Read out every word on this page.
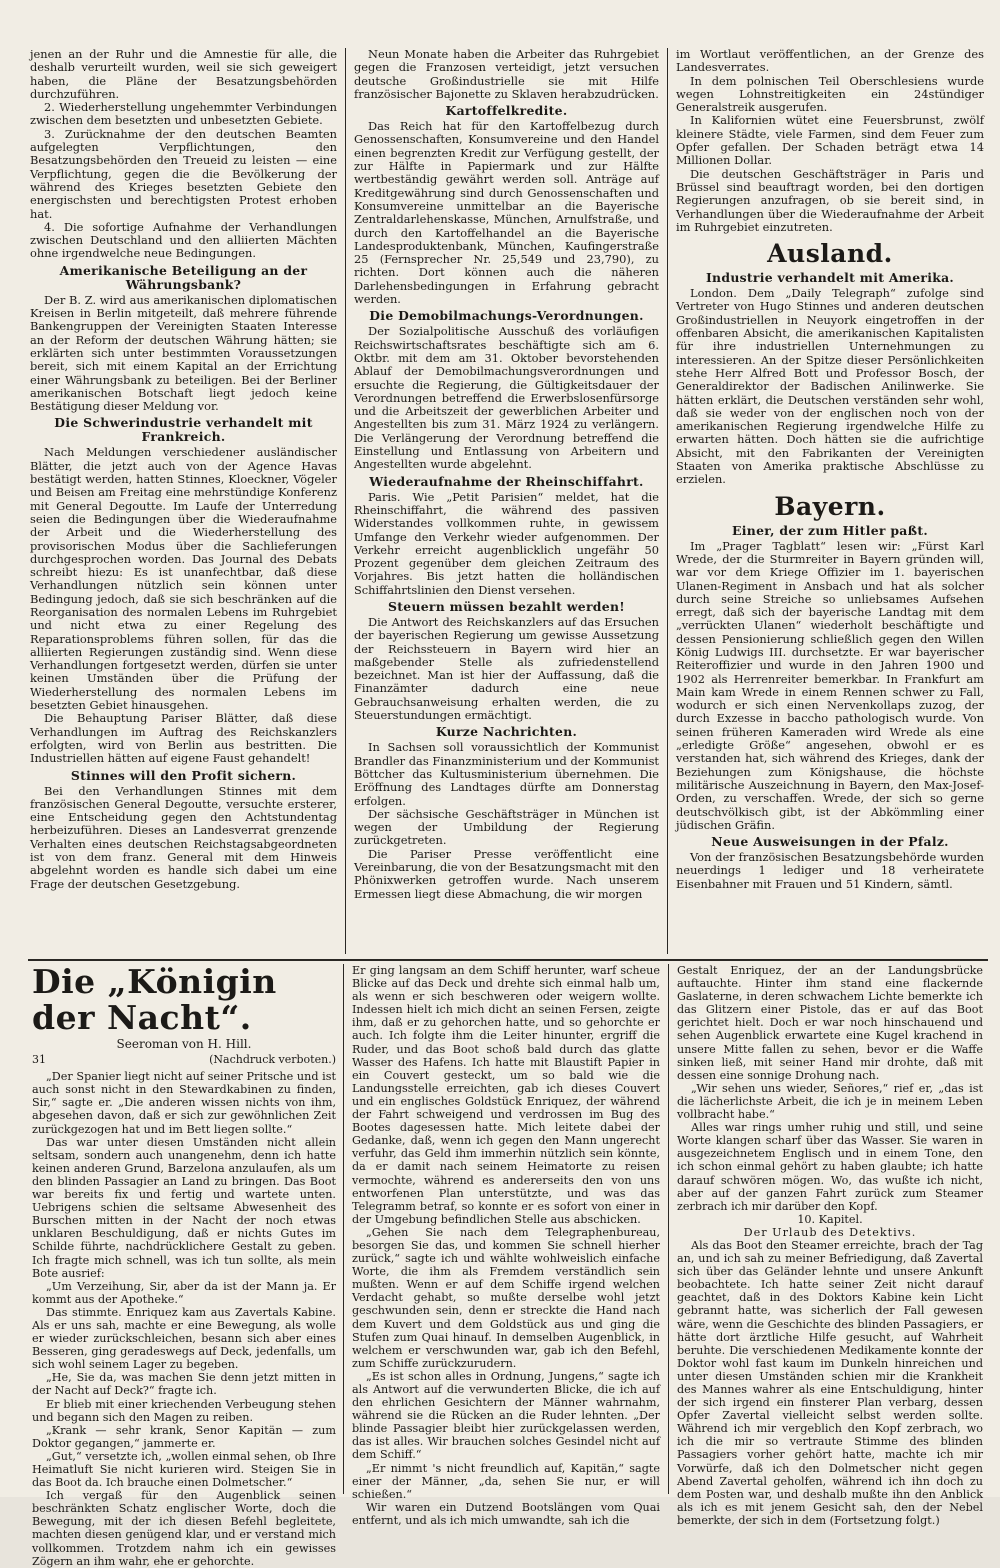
jenen an der Ruhr und die Amnestie für alle, die deshalb verurteilt wurden, weil sie sich geweigert haben, die Pläne der Besatzungsbehörden durchzuführen.

2. Wiederherstellung ungehemmter Verbindungen zwischen dem besetzten und unbesetzten Gebiete.

3. Zurücknahme der den deutschen Beamten aufgelegten Verpflichtungen, den Besatzungsbehörden den Treueid zu leisten — eine Verpflichtung, gegen die die Bevölkerung der während des Krieges besetzten Gebiete den energischsten und berechtigsten Protest erhoben hat.

4. Die sofortige Aufnahme der Verhandlungen zwischen Deutschland und den alliierten Mächten ohne irgendwelche neue Bedingungen.

Amerikanische Beteiligung an der Währungsbank?

Der B. Z. wird aus amerikanischen diplomatischen Kreisen in Berlin mitgeteilt, daß mehrere führende Bankengruppen der Vereinigten Staaten Interesse an der Reform der deutschen Währung hätten; sie erklärten sich unter bestimmten Voraussetzungen bereit, sich mit einem Kapital an der Errichtung einer Währungsbank zu beteiligen. Bei der Berliner amerikanischen Botschaft liegt jedoch keine Bestätigung dieser Meldung vor.

Die Schwerindustrie verhandelt mit Frankreich.

Nach Meldungen verschiedener ausländischer Blätter, die jetzt auch von der Agence Havas bestätigt werden, hatten Stinnes, Kloeckner, Vögeler und Beisen am Freitag eine mehrstündige Konferenz mit General Degoutte. Im Laufe der Unterredung seien die Bedingungen über die Wiederaufnahme der Arbeit und die Wiederherstellung des provisorischen Modus über die Sachlieferungen durchgesprochen worden. Das Journal des Debats schreibt hiezu: Es ist unanfechtbar, daß diese Verhandlungen nützlich sein können unter Bedingung jedoch, daß sie sich beschränken auf die Reorganisation des normalen Lebens im Ruhrgebiet und nicht etwa zu einer Regelung des Reparationsproblems führen sollen, für das die alliierten Regierungen zuständig sind. Wenn diese Verhandlungen fortgesetzt werden, dürfen sie unter keinen Umständen über die Prüfung der Wiederherstellung des normalen Lebens im besetzten Gebiet hinausgehen.

Die Behauptung Pariser Blätter, daß diese Verhandlungen im Auftrag des Reichskanzlers erfolgten, wird von Berlin aus bestritten. Die Industriellen hätten auf eigene Faust gehandelt!

Stinnes will den Profit sichern.

Bei den Verhandlungen Stinnes mit dem französischen General Degoutte, versuchte ersterer, eine Entscheidung gegen den Achtstundentag herbeizuführen. Dieses an Landesverrat grenzende Verhalten eines deutschen Reichstagsabgeordneten ist von dem franz. General mit dem Hinweis abgelehnt worden es handle sich dabei um eine Frage der deutschen Gesetzgebung.

Neun Monate haben die Arbeiter das Ruhrgebiet gegen die Franzosen verteidigt, jetzt versuchen deutsche Großindustrielle sie mit Hilfe französischer Bajonette zu Sklaven herabzudrücken.

Kartoffelkredite.

Das Reich hat für den Kartoffelbezug durch Genossenschaften, Konsumvereine und den Handel einen begrenzten Kredit zur Verfügung gestellt, der zur Hälfte in Papiermark und zur Hälfte wertbeständig gewährt werden soll. Anträge auf Kreditgewährung sind durch Genossenschaften und Konsumvereine unmittelbar an die Bayerische Zentraldarlehenskasse, München, Arnulfstraße, und durch den Kartoffelhandel an die Bayerische Landesproduktenbank, München, Kaufingerstraße 25 (Fernsprecher Nr. 25,549 und 23,790), zu richten. Dort können auch die näheren Darlehensbedingungen in Erfahrung gebracht werden.

Die Demobilmachungs-Verordnungen.

Der Sozialpolitische Ausschuß des vorläufigen Reichswirtschaftsrates beschäftigte sich am 6. Oktbr. mit dem am 31. Oktober bevorstehenden Ablauf der Demobilmachungsverordnungen und ersuchte die Regierung, die Gültigkeitsdauer der Verordnungen betreffend die Erwerbslosenfürsorge und die Arbeitszeit der gewerblichen Arbeiter und Angestellten bis zum 31. März 1924 zu verlängern. Die Verlängerung der Verordnung betreffend die Einstellung und Entlassung von Arbeitern und Angestellten wurde abgelehnt.

Wiederaufnahme der Rheinschiffahrt.

Paris. Wie „Petit Parisien“ meldet, hat die Rheinschiffahrt, die während des passiven Widerstandes vollkommen ruhte, in gewissem Umfange den Verkehr wieder aufgenommen. Der Verkehr erreicht augenblicklich ungefähr 50 Prozent gegenüber dem gleichen Zeitraum des Vorjahres. Bis jetzt hatten die holländischen Schiffahrtslinien den Dienst versehen.

Steuern müssen bezahlt werden!

Die Antwort des Reichskanzlers auf das Ersuchen der bayerischen Regierung um gewisse Aussetzung der Reichssteuern in Bayern wird hier an maßgebender Stelle als zufriedenstellend bezeichnet. Man ist hier der Auffassung, daß die Finanzämter dadurch eine neue Gebrauchsanweisung erhalten werden, die zu Steuerstundungen ermächtigt.

Kurze Nachrichten.

In Sachsen soll voraussichtlich der Kommunist Brandler das Finanzministerium und der Kommunist Böttcher das Kultusministerium übernehmen. Die Eröffnung des Landtages dürfte am Donnerstag erfolgen.

Der sächsische Geschäftsträger in München ist wegen der Umbildung der Regierung zurückgetreten.

Die Pariser Presse veröffentlicht eine Vereinbarung, die von der Besatzungsmacht mit den Phönixwerken getroffen wurde. Nach unserem Ermessen liegt diese Abmachung, die wir morgen

im Wortlaut veröffentlichen, an der Grenze des Landesverrates.

In dem polnischen Teil Oberschlesiens wurde wegen Lohnstreitigkeiten ein 24stündiger Generalstreik ausgerufen.

In Kalifornien wütet eine Feuersbrunst, zwölf kleinere Städte, viele Farmen, sind dem Feuer zum Opfer gefallen. Der Schaden beträgt etwa 14 Millionen Dollar.

Die deutschen Geschäftsträger in Paris und Brüssel sind beauftragt worden, bei den dortigen Regierungen anzufragen, ob sie bereit sind, in Verhandlungen über die Wiederaufnahme der Arbeit im Ruhrgebiet einzutreten.

Ausland.
Industrie verhandelt mit Amerika.

London. Dem „Daily Telegraph“ zufolge sind Vertreter von Hugo Stinnes und anderen deutschen Großindustriellen in Neuyork eingetroffen in der offenbaren Absicht, die amerikanischen Kapitalisten für ihre industriellen Unternehmungen zu interessieren. An der Spitze dieser Persönlichkeiten stehe Herr Alfred Bott und Professor Bosch, der Generaldirektor der Badischen Anilinwerke. Sie hätten erklärt, die Deutschen verständen sehr wohl, daß sie weder von der englischen noch von der amerikanischen Regierung irgendwelche Hilfe zu erwarten hätten. Doch hätten sie die aufrichtige Absicht, mit den Fabrikanten der Vereinigten Staaten von Amerika praktische Abschlüsse zu erzielen.

Bayern.
Einer, der zum Hitler paßt.

Im „Prager Tagblatt“ lesen wir: „Fürst Karl Wrede, der die Sturmreiter in Bayern gründen will, war vor dem Kriege Offizier im 1. bayerischen Ulanen-Regiment in Ansbach und hat als solcher durch seine Streiche so unliebsames Aufsehen erregt, daß sich der bayerische Landtag mit dem „verrückten Ulanen“ wiederholt beschäftigte und dessen Pensionierung schließlich gegen den Willen König Ludwigs III. durchsetzte. Er war bayerischer Reiteroffizier und wurde in den Jahren 1900 und 1902 als Herrenreiter bemerkbar. In Frankfurt am Main kam Wrede in einem Rennen schwer zu Fall, wodurch er sich einen Nervenkollaps zuzog, der durch Exzesse in baccho pathologisch wurde. Von seinen früheren Kameraden wird Wrede als eine „erledigte Größe“ angesehen, obwohl er es verstanden hat, sich während des Krieges, dank der Beziehungen zum Königshause, die höchste militärische Auszeichnung in Bayern, den Max-Josef-Orden, zu verschaffen. Wrede, der sich so gerne deutschvölkisch gibt, ist der Abkömmling einer jüdischen Gräfin.

Neue Ausweisungen in der Pfalz.

Von der französischen Besatzungsbehörde wurden neuerdings 1 lediger und 18 verheiratete Eisenbahner mit Frauen und 51 Kindern, sämtl.

Die „Königin der Nacht“.
Seeroman von H. Hill.
31	(Nachdruck verboten.)

„Der Spanier liegt nicht auf seiner Pritsche und ist auch sonst nicht in den Stewardkabinen zu finden, Sir,“ sagte er. „Die anderen wissen nichts von ihm, abgesehen davon, daß er sich zur gewöhnlichen Zeit zurückgezogen hat und im Bett liegen sollte.“

Das war unter diesen Umständen nicht allein seltsam, sondern auch unangenehm, denn ich hatte keinen anderen Grund, Barzelona anzulaufen, als um den blinden Passagier an Land zu bringen. Das Boot war bereits fix und fertig und wartete unten. Uebrigens schien die seltsame Abwesenheit des Burschen mitten in der Nacht der noch etwas unklaren Beschuldigung, daß er nichts Gutes im Schilde führte, nachdrücklichere Gestalt zu geben. Ich fragte mich schnell, was ich tun sollte, als mein Bote ausrief:

„Um Verzeihung, Sir, aber da ist der Mann ja. Er kommt aus der Apotheke.“

Das stimmte. Enriquez kam aus Zavertals Kabine. Als er uns sah, machte er eine Bewegung, als wolle er wieder zurückschleichen, besann sich aber eines Besseren, ging geradeswegs auf Deck, jedenfalls, um sich wohl seinem Lager zu begeben.

„He, Sie da, was machen Sie denn jetzt mitten in der Nacht auf Deck?“ fragte ich.

Er blieb mit einer kriechenden Verbeugung stehen und begann sich den Magen zu reiben.

„Krank — sehr krank, Senor Kapitän — zum Doktor gegangen,“ jammerte er.

„Gut,“ versetzte ich, „wollen einmal sehen, ob Ihre Heimatluft Sie nicht kurieren wird. Steigen Sie in das Boot da. Ich brauche einen Dolmetscher.“

Ich vergaß für den Augenblick seinen beschränkten Schatz englischer Worte, doch die Bewegung, mit der ich diesen Befehl begleitete, machten diesen genügend klar, und er verstand mich vollkommen. Trotzdem nahm ich ein gewisses Zögern an ihm wahr, ehe er gehorchte.

Er ging langsam an dem Schiff herunter, warf scheue Blicke auf das Deck und drehte sich einmal halb um, als wenn er sich beschweren oder weigern wollte. Indessen hielt ich mich dicht an seinen Fersen, zeigte ihm, daß er zu gehorchen hatte, und so gehorchte er auch. Ich folgte ihm die Leiter hinunter, ergriff die Ruder, und das Boot schoß bald durch das glatte Wasser des Hafens. Ich hatte mit Blaustift Papier in ein Couvert gesteckt, um so bald wie die Landungsstelle erreichten, gab ich dieses Couvert und ein englisches Goldstück Enriquez, der während der Fahrt schweigend und verdrossen im Bug des Bootes dagesessen hatte. Mich leitete dabei der Gedanke, daß, wenn ich gegen den Mann ungerecht verfuhr, das Geld ihm immerhin nützlich sein könnte, da er damit nach seinem Heimatorte zu reisen vermochte, während es andererseits den von uns entworfenen Plan unterstützte, und was das Telegramm betraf, so konnte er es sofort von einer in der Umgebung befindlichen Stelle aus abschicken.

„Gehen Sie nach dem Telegraphenbureau, besorgen Sie das, und kommen Sie schnell hierher zurück,“ sagte ich und wählte wohlweislich einfache Worte, die ihm als Fremdem verständlich sein mußten. Wenn er auf dem Schiffe irgend welchen Verdacht gehabt, so mußte derselbe wohl jetzt geschwunden sein, denn er streckte die Hand nach dem Kuvert und dem Goldstück aus und ging die Stufen zum Quai hinauf. In demselben Augenblick, in welchem er verschwunden war, gab ich den Befehl, zum Schiffe zurückzurudern.

„Es ist schon alles in Ordnung, Jungens,“ sagte ich als Antwort auf die verwunderten Blicke, die ich auf den ehrlichen Gesichtern der Männer wahrnahm, während sie die Rücken an die Ruder lehnten. „Der blinde Passagier bleibt hier zurückgelassen werden, das ist alles. Wir brauchen solches Gesindel nicht auf dem Schiff.“

„Er nimmt 's nicht freundlich auf, Kapitän,“ sagte einer der Männer, „da, sehen Sie nur, er will schießen.“

Wir waren ein Dutzend Bootslängen vom Quai entfernt, und als ich mich umwandte, sah ich die

Gestalt Enriquez, der an der Landungsbrücke auftauchte. Hinter ihm stand eine flackernde Gaslaterne, in deren schwachem Lichte bemerkte ich das Glitzern einer Pistole, das er auf das Boot gerichtet hielt. Doch er war noch hinschauend und sehen Augenblick erwartete eine Kugel krachend in unsere Mitte fallen zu sehen, bevor er die Waffe sinken ließ, mit seiner Hand mir drohte, daß mit dessen eine sonnige Drohung nach.

„Wir sehen uns wieder, Señores,“ rief er, „das ist die lächerlichste Arbeit, die ich je in meinem Leben vollbracht habe.“

Alles war rings umher ruhig und still, und seine Worte klangen scharf über das Wasser. Sie waren in ausgezeichnetem Englisch und in einem Tone, den ich schon einmal gehört zu haben glaubte; ich hatte darauf schwören mögen. Wo, das wußte ich nicht, aber auf der ganzen Fahrt zurück zum Steamer zerbrach ich mir darüber den Kopf.

10. Kapitel.

Der Urlaub des Detektivs.

Als das Boot den Steamer erreichte, brach der Tag an, und ich sah zu meiner Befriedigung, daß Zavertal sich über das Geländer lehnte und unsere Ankunft beobachtete. Ich hatte seiner Zeit nicht darauf geachtet, daß in des Doktors Kabine kein Licht gebrannt hatte, was sicherlich der Fall gewesen wäre, wenn die Geschichte des blinden Passagiers, er hätte dort ärztliche Hilfe gesucht, auf Wahrheit beruhte. Die verschiedenen Medikamente konnte der Doktor wohl fast kaum im Dunkeln hinreichen und unter diesen Umständen schien mir die Krankheit des Mannes wahrer als eine Entschuldigung, hinter der sich irgend ein finsterer Plan verbarg, dessen Opfer Zavertal vielleicht selbst werden sollte. Während ich mir vergeblich den Kopf zerbrach, wo ich die mir so vertraute Stimme des blinden Passagiers vorher gehört hatte, machte ich mir Vorwürfe, daß ich den Dolmetscher nicht gegen Abend Zavertal geholfen, während ich ihn doch zu dem Posten war, und deshalb mußte ihn den Anblick als ich es mit jenem Gesicht sah, den der Nebel bemerkte, der sich in dem (Fortsetzung folgt.)
